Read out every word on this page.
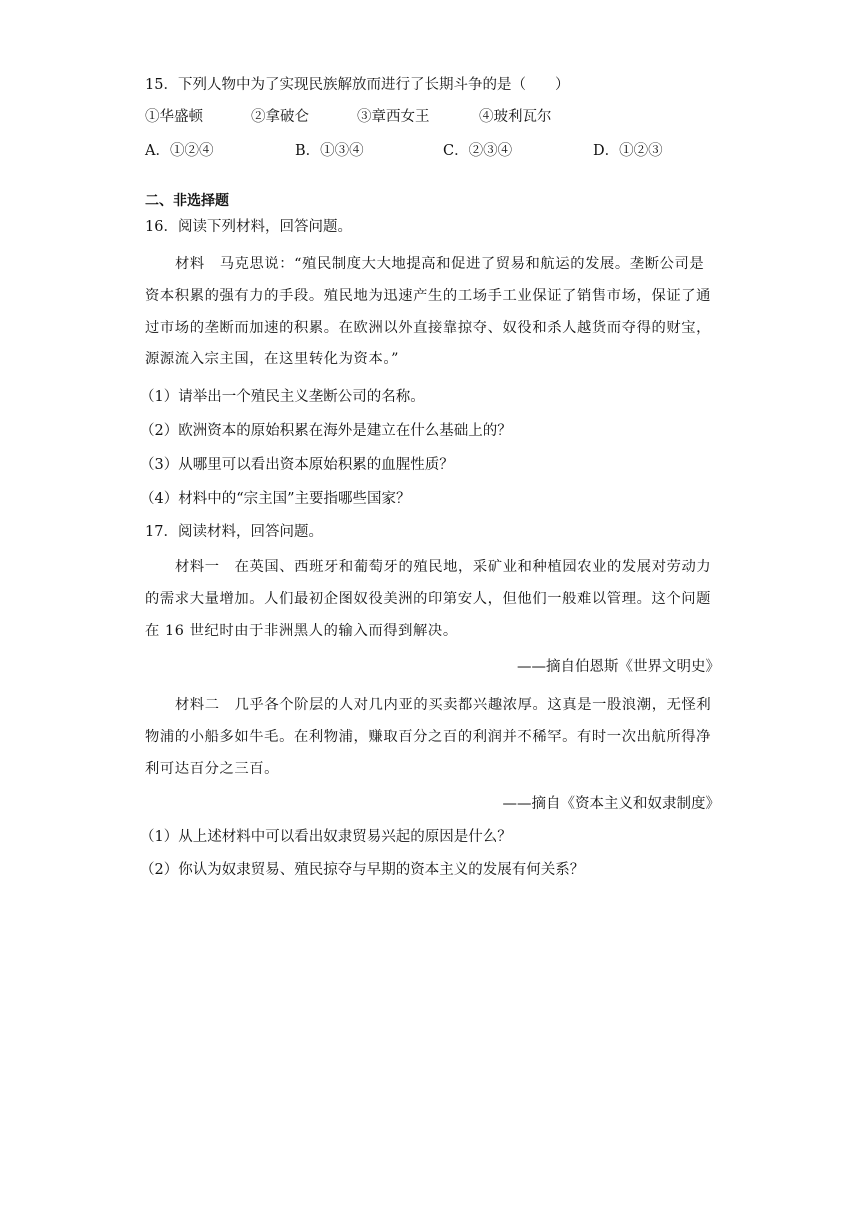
15．下列人物中为了实现民族解放而进行了长期斗争的是（　　）
①华盛顿	②拿破仑	③章西女王	④玻利瓦尔
A．①②④	B．①③④	C．②③④	D．①②③
二、非选择题
16．阅读下列材料，回答问题。
材料　马克思说：“殖民制度大大地提高和促进了贸易和航运的发展。垄断公司是
资本积累的强有力的手段。殖民地为迅速产生的工场手工业保证了销售市场，保证了通
过市场的垄断而加速的积累。在欧洲以外直接靠掠夺、奴役和杀人越货而夺得的财宝，
源源流入宗主国，在这里转化为资本。”
（1）请举出一个殖民主义垄断公司的名称。
（2）欧洲资本的原始积累在海外是建立在什么基础上的？
（3）从哪里可以看出资本原始积累的血腥性质？
（4）材料中的“宗主国”主要指哪些国家？
17．阅读材料，回答问题。
材料一　在英国、西班牙和葡萄牙的殖民地，采矿业和种植园农业的发展对劳动力
的需求大量增加。人们最初企图奴役美洲的印第安人，但他们一般难以管理。这个问题
在 16 世纪时由于非洲黑人的输入而得到解决。
——摘自伯恩斯《世界文明史》
材料二　几乎各个阶层的人对几内亚的买卖都兴趣浓厚。这真是一股浪潮，无怪利
物浦的小船多如牛毛。在利物浦，赚取百分之百的利润并不稀罕。有时一次出航所得净
利可达百分之三百。
——摘自《资本主义和奴隶制度》
（1）从上述材料中可以看出奴隶贸易兴起的原因是什么？
（2）你认为奴隶贸易、殖民掠夺与早期的资本主义的发展有何关系？
